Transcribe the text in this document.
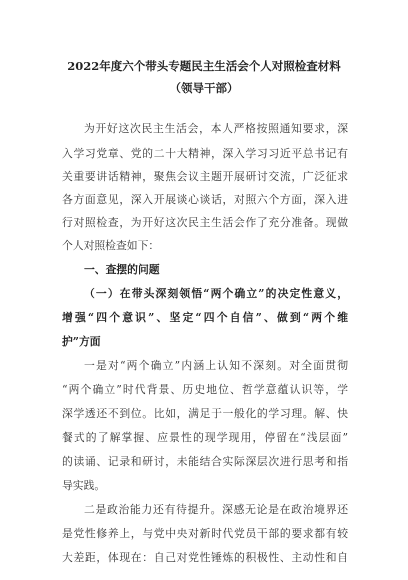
2022年度六个带头专题民主生活会个人对照检查材料
（领导干部）
为开好这次民主生活会，本人严格按照通知要求，深
入学习党章、党的二十大精神，深入学习习近平总书记有
关重要讲话精神，聚焦会议主题开展研讨交流，广泛征求
各方面意见，深入开展谈心谈话，对照六个方面，深入进
行对照检查，为开好这次民主生活会作了充分准备。现做
个人对照检查如下：
一、查摆的问题
（一）在带头深刻领悟“两个确立”的决定性意义，
增强“四个意识”、坚定“四个自信”、做到“两个维
护”方面
一是对“两个确立”内涵上认知不深刻。对全面贯彻
“两个确立”时代背景、历史地位、哲学意蕴认识等，学
深学透还不到位。比如，满足于一般化的学习理。解、快
餐式的了解掌握、应景性的现学现用，停留在“浅层面”
的读诵、记录和研讨，未能结合实际深层次进行思考和指
导实践。
二是政治能力还有待提升。深感无论是在政治境界还
是党性修养上，与党中央对新时代党员干部的要求都有较
大差距，体现在：自己对党性锤炼的积极性、主动性和自
